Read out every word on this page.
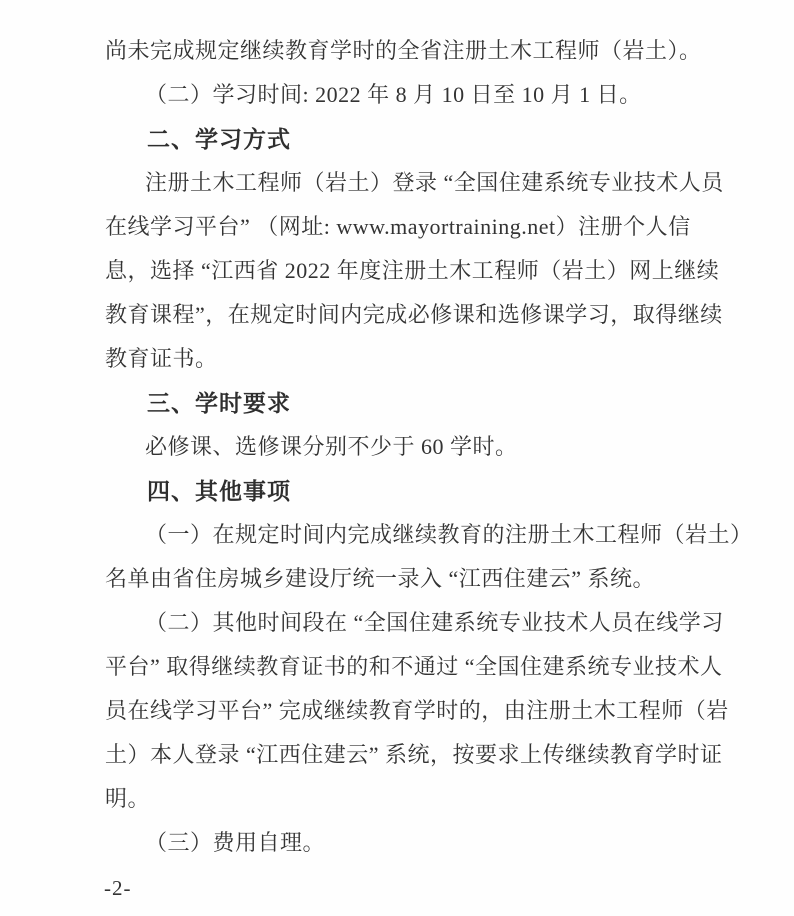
尚未完成规定继续教育学时的全省注册土木工程师（岩土）。

（二）学习时间: 2022 年 8 月 10 日至 10 月 1 日。

二、学习方式

注册土木工程师（岩土）登录 “全国住建系统专业技术人员

在线学习平台” （网址: www.mayortraining.net）注册个人信

息，选择 “江西省 2022 年度注册土木工程师（岩土）网上继续

教育课程”，在规定时间内完成必修课和选修课学习，取得继续

教育证书。

三、学时要求

必修课、选修课分别不少于 60 学时。

四、其他事项

（一）在规定时间内完成继续教育的注册土木工程师（岩土）

名单由省住房城乡建设厅统一录入 “江西住建云” 系统。

（二）其他时间段在 “全国住建系统专业技术人员在线学习

平台” 取得继续教育证书的和不通过 “全国住建系统专业技术人

员在线学习平台” 完成继续教育学时的，由注册土木工程师（岩

土）本人登录 “江西住建云” 系统，按要求上传继续教育学时证

明。

（三）费用自理。

-2-
